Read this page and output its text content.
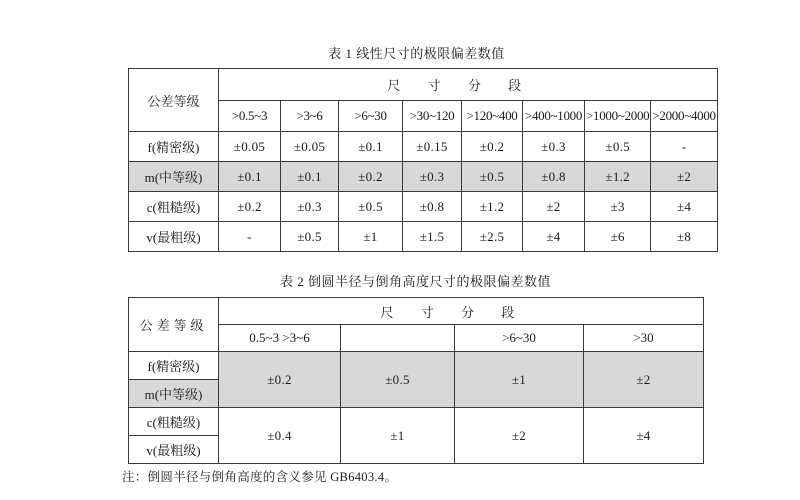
表 1 线性尺寸的极限偏差数值
公差等级	尺寸分段							
	>0.5~3	>3~6	>6~30	>30~120	>120~400	>400~1000	>1000~2000	>2000~4000
f(精密级)	±0.05	±0.05	±0.1	±0.15	±0.2	±0.3	±0.5	-
m(中等级)	±0.1	±0.1	±0.2	±0.3	±0.5	±0.8	±1.2	±2
c(粗糙级)	±0.2	±0.3	±0.5	±0.8	±1.2	±2	±3	±4
v(最粗级)	-	±0.5	±1	±1.5	±2.5	±4	±6	±8
表 2 倒圆半径与倒角高度尺寸的极限偏差数值
公差等级	尺寸分段			
	0.5~3 >3~6		>6~30	>30
f(精密级)	±0.2	±0.5	±1	±2
m(中等级)				
c(粗糙级)	±0.4	±1	±2	±4
v(最粗级)				
注：倒圆半径与倒角高度的含义参见 GB6403.4。
